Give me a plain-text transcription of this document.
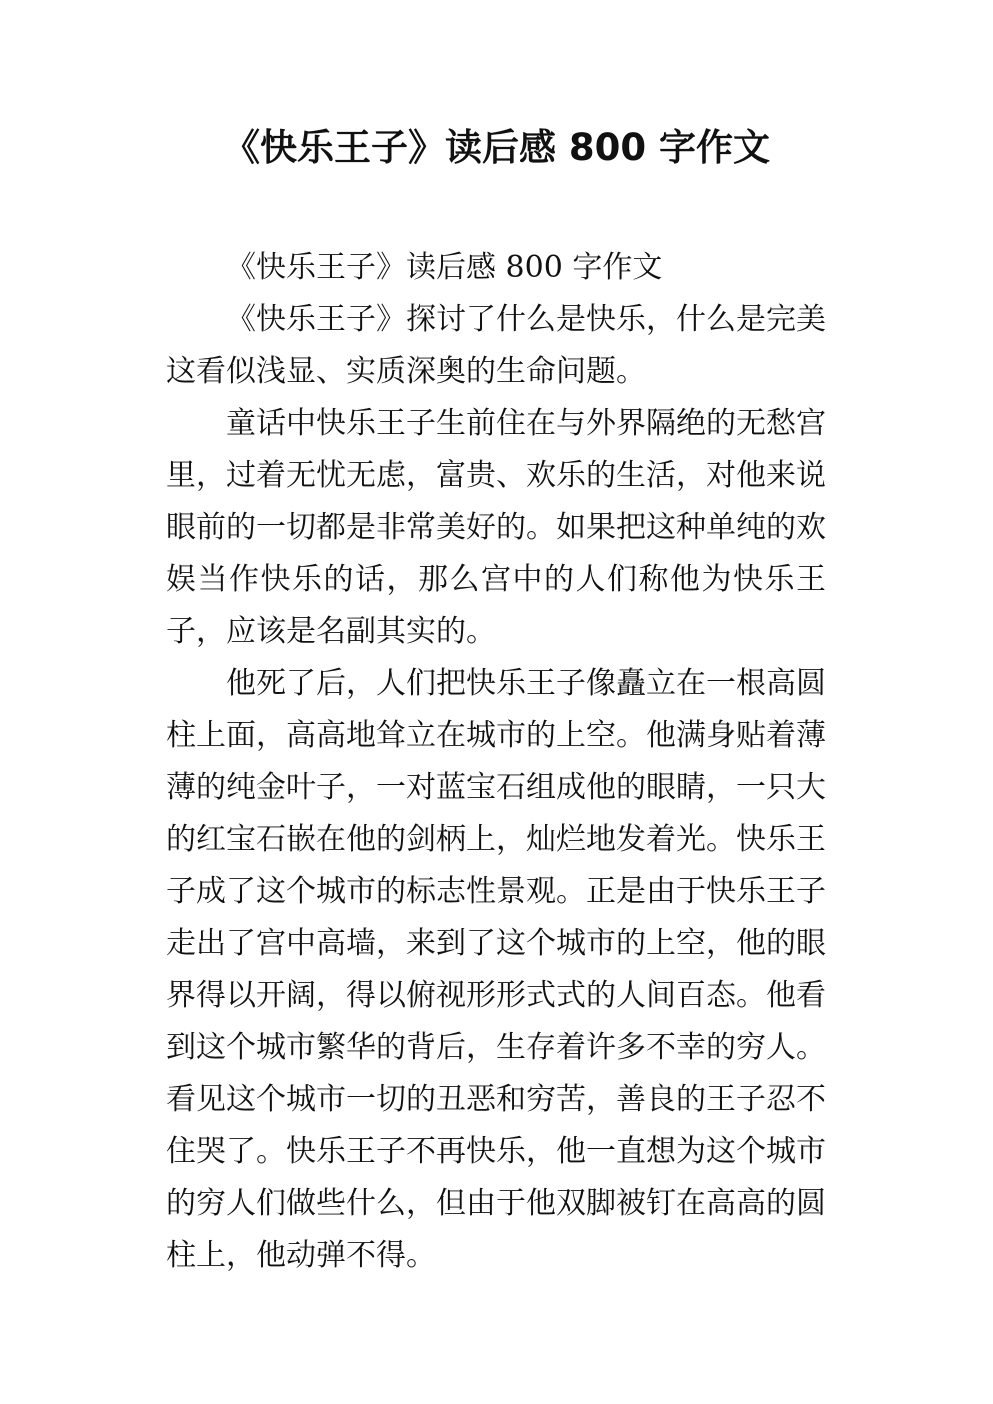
《快乐王子》读后感 800 字作文

《快乐王子》读后感 800 字作文

《快乐王子》探讨了什么是快乐，什么是完美这看似浅显、实质深奥的生命问题。

童话中快乐王子生前住在与外界隔绝的无愁宫里，过着无忧无虑，富贵、欢乐的生活，对他来说眼前的一切都是非常美好的。如果把这种单纯的欢娱当作快乐的话，那么宫中的人们称他为快乐王子，应该是名副其实的。

他死了后，人们把快乐王子像矗立在一根高圆柱上面，高高地耸立在城市的上空。他满身贴着薄薄的纯金叶子，一对蓝宝石组成他的眼睛，一只大的红宝石嵌在他的剑柄上，灿烂地发着光。快乐王子成了这个城市的标志性景观。正是由于快乐王子走出了宫中高墙，来到了这个城市的上空，他的眼界得以开阔，得以俯视形形式式的人间百态。他看到这个城市繁华的背后，生存着许多不幸的穷人。看见这个城市一切的丑恶和穷苦，善良的王子忍不住哭了。快乐王子不再快乐，他一直想为这个城市的穷人们做些什么，但由于他双脚被钉在高高的圆柱上，他动弹不得。
